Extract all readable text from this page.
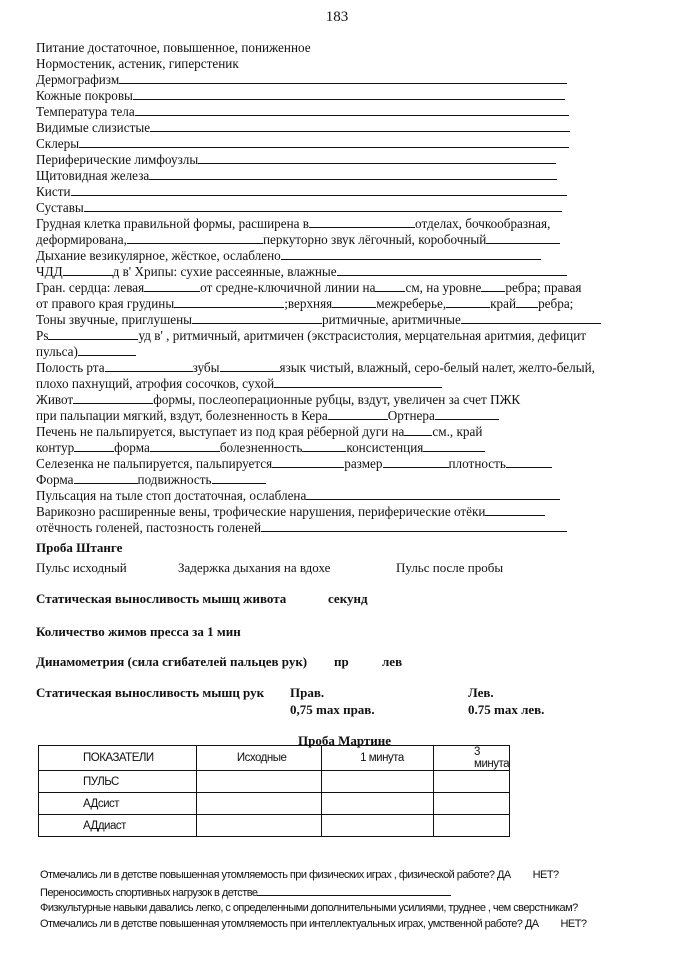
183
Питание достаточное, повышенное, пониженное
Нормостеник, астеник, гиперстеник
Дермографизм
Кожные покровы
Температура тела
Видимые слизистые
Склеры
Периферические лимфоузлы
Щитовидная железа
Кисти
Суставы
Грудная клетка правильной формы, расширена в	отделах, бочкообразная,
деформирована,	перкуторно звук лёгочный, коробочный
Дыхание везикулярное, жёсткое, ослаблено
ЧДД	д в' Хрипы: сухие рассеянные, влажные
Гран. сердца: левая	от средне-ключичной линии на см, на уровне ребра; правая
от правого края грудины	;верхняя	межреберье,	край ребра;
Тоны звучные, приглушены	ритмичные, аритмичные
Ps	уд в' , ритмичный, аритмичен (экстрасистолия, мерцательная аритмия, дефицит
пульса)
Полость рта	зубы	язык чистый, влажный, серо-белый налет, желто-белый,
плохо пахнущий, атрофия сосочков, сухой
Живот	формы, послеоперационные рубцы, вздут, увеличен за счет ПЖК
при пальпации мягкий, вздут, болезненность в Кера	Ортнера
Печень не пальпируется, выступает из под края рёберной дуги на см., край
контур	форма	болезненность	консистенция
Селезенка не пальпируется, пальпируется	размер	плотность
Форма	подвижность
Пульсация на тыле стоп достаточная, ослаблена
Варикозно расширенные вены, трофические нарушения, периферические отёки
отёчность голеней, пастозность голеней
Проба Штанге
Пульс исходный	Задержка дыхания на вдохе	Пульс после пробы
Статическая выносливость мышц живота	секунд
Количество жимов пресса за 1 мин
Динамометрия (сила сгибателей пальцев рук) пр	лев
Статическая выносливость мышц рук Прав.	Лев.
0,75 max прав.	0.75 max лев.
Проба Мартине
ПОКАЗАТЕЛИ	Исходные	1 минута	3 минута
ПУЛЬС			
АДсист			
АДдиаст			
Отмечались ли в детстве повышенная утомляемость при физических играх , физической работе? ДА НЕТ?
Переносимость спортивных нагрузок в детстве
Физкультурные навыки давались легко, с определенными дополнительными усилиями, труднее , чем сверстникам?
Отмечались ли в детстве повышенная утомляемость при интеллектуальных играх, умственной работе? ДА НЕТ?
